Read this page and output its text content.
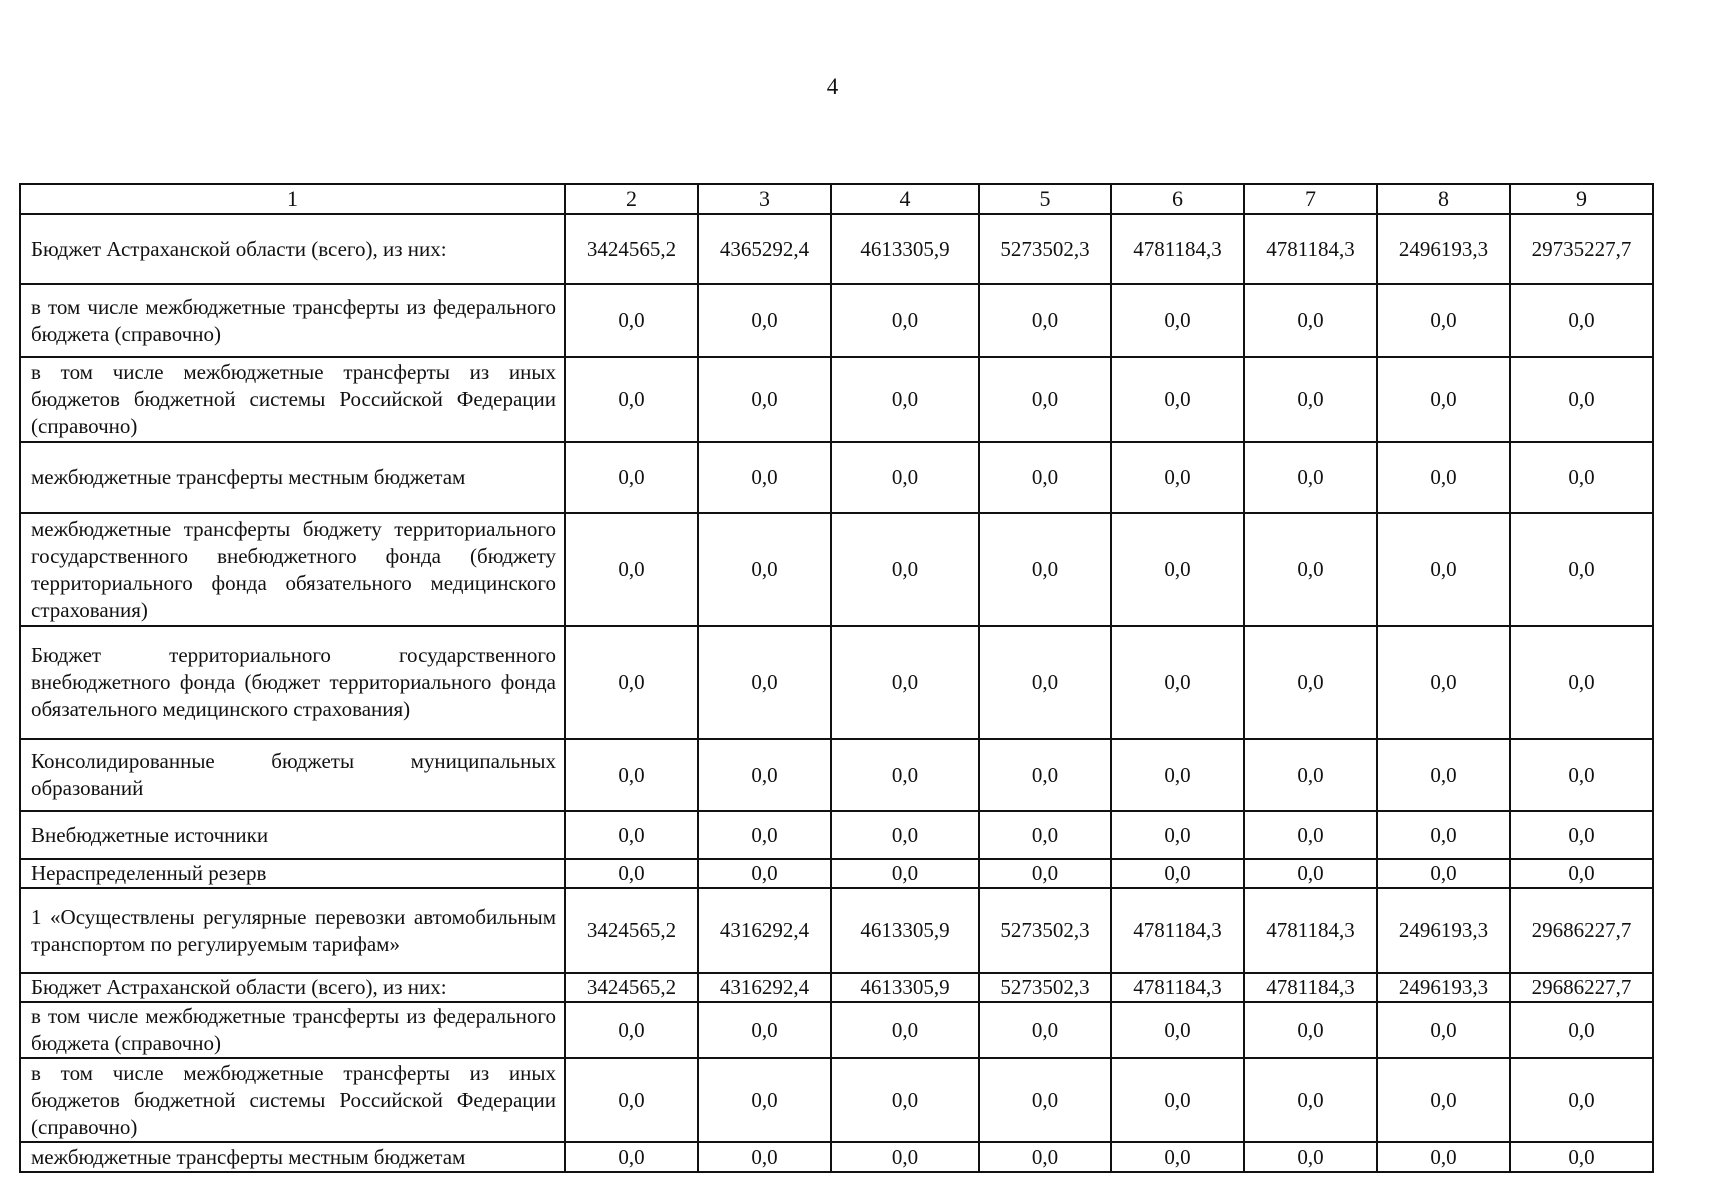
4
1	2	3	4	5	6	7	8	9
Бюджет Астраханской области (всего), из них:	3424565,2	4365292,4	4613305,9	5273502,3	4781184,3	4781184,3	2496193,3	29735227,7
в том числе межбюджетные трансферты из федерального бюджета (справочно)	0,0	0,0	0,0	0,0	0,0	0,0	0,0	0,0
в том числе межбюджетные трансферты из иных бюджетов бюджетной системы Российской Федерации (справочно)	0,0	0,0	0,0	0,0	0,0	0,0	0,0	0,0
межбюджетные трансферты местным бюджетам	0,0	0,0	0,0	0,0	0,0	0,0	0,0	0,0
межбюджетные трансферты бюджету территориального государственного внебюджетного фонда (бюджету территориального фонда обязательного медицинского страхования)	0,0	0,0	0,0	0,0	0,0	0,0	0,0	0,0
Бюджет территориального государственного внебюджетного фонда (бюджет территориального фонда обязательного медицинского страхования)	0,0	0,0	0,0	0,0	0,0	0,0	0,0	0,0
Консолидированные бюджеты муниципальных образований	0,0	0,0	0,0	0,0	0,0	0,0	0,0	0,0
Внебюджетные источники	0,0	0,0	0,0	0,0	0,0	0,0	0,0	0,0
Нераспределенный резерв	0,0	0,0	0,0	0,0	0,0	0,0	0,0	0,0
1 «Осуществлены регулярные перевозки автомобильным транспортом по регулируемым тарифам»	3424565,2	4316292,4	4613305,9	5273502,3	4781184,3	4781184,3	2496193,3	29686227,7
Бюджет Астраханской области (всего), из них:	3424565,2	4316292,4	4613305,9	5273502,3	4781184,3	4781184,3	2496193,3	29686227,7
в том числе межбюджетные трансферты из федерального бюджета (справочно)	0,0	0,0	0,0	0,0	0,0	0,0	0,0	0,0
в том числе межбюджетные трансферты из иных бюджетов бюджетной системы Российской Федерации (справочно)	0,0	0,0	0,0	0,0	0,0	0,0	0,0	0,0
межбюджетные трансферты местным бюджетам	0,0	0,0	0,0	0,0	0,0	0,0	0,0	0,0
